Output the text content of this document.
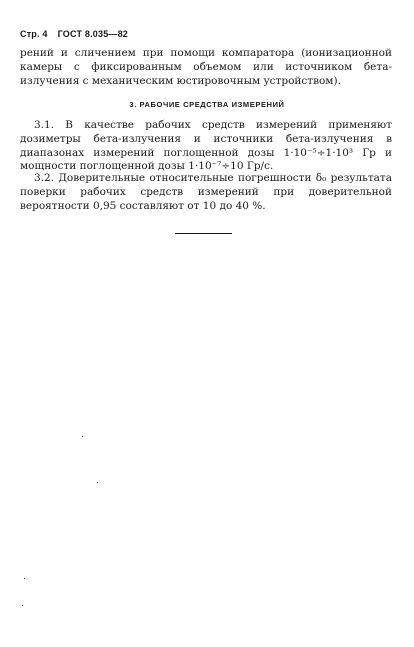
Стр. 4 ГОСТ 8.035—82
рений и сличением при помощи компаратора (ионизационной камеры с фиксированным объемом или источником бета-излучения с механическим юстировочным устройством).
3. РАБОЧИЕ СРЕДСТВА ИЗМЕРЕНИЙ
3.1. В качестве рабочих средств измерений применяют дозиметры бета-излучения и источники бета-излучения в диапазонах измерений поглощенной дозы 1·10⁻⁵÷1·10³ Гр и мощности поглощенной дозы 1·10⁻⁷÷10 Гр/с.
3.2. Доверительные относительные погрешности δ₀ результата поверки рабочих средств измерений при доверительной вероятности 0,95 составляют от 10 до 40 %.
